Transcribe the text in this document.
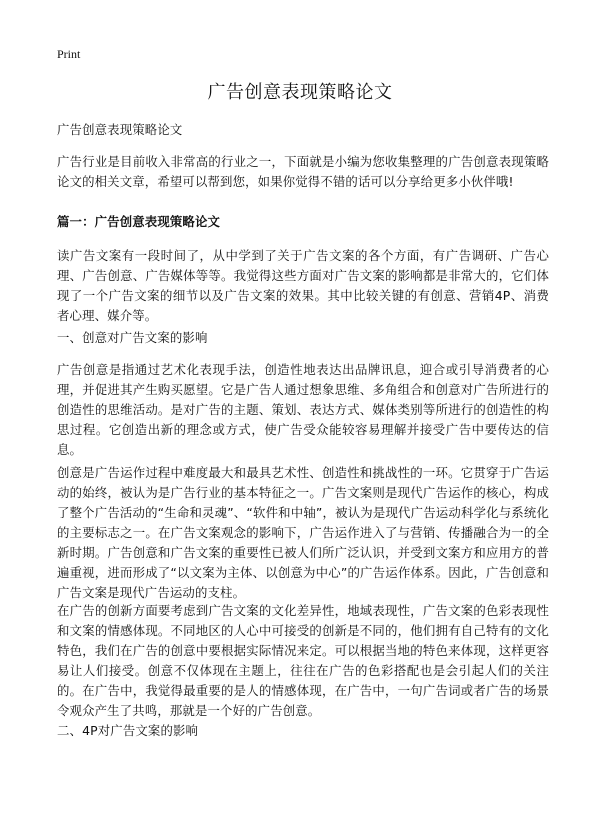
Print
广告创意表现策略论文

广告创意表现策略论文

广告行业是目前收入非常高的行业之一，下面就是小编为您收集整理的广告创意表现策略论文的相关文章，希望可以帮到您，如果你觉得不错的话可以分享给更多小伙伴哦!

篇一：广告创意表现策略论文

读广告文案有一段时间了，从中学到了关于广告文案的各个方面，有广告调研、广告心理、广告创意、广告媒体等等。我觉得这些方面对广告文案的影响都是非常大的，它们体现了一个广告文案的细节以及广告文案的效果。其中比较关键的有创意、营销4P、消费者心理、媒介等。

一、创意对广告文案的影响

广告创意是指通过艺术化表现手法，创造性地表达出品牌讯息，迎合或引导消费者的心理，并促进其产生购买愿望。它是广告人通过想象思维、多角组合和创意对广告所进行的创造性的思维活动。是对广告的主题、策划、表达方式、媒体类别等所进行的创造性的构思过程。它创造出新的理念或方式，使广告受众能较容易理解并接受广告中要传达的信息。

创意是广告运作过程中难度最大和最具艺术性、创造性和挑战性的一环。它贯穿于广告运动的始终，被认为是广告行业的基本特征之一。广告文案则是现代广告运作的核心，构成了整个广告活动的“生命和灵魂”、“软件和中轴”，被认为是现代广告运动科学化与系统化的主要标志之一。在广告文案观念的影响下，广告运作进入了与营销、传播融合为一的全新时期。广告创意和广告文案的重要性已被人们所广泛认识，并受到文案方和应用方的普遍重视，进而形成了“以文案为主体、以创意为中心”的广告运作体系。因此，广告创意和广告文案是现代广告运动的支柱。

在广告的创新方面要考虑到广告文案的文化差异性，地域表现性，广告文案的色彩表现性和文案的情感体现。不同地区的人心中可接受的创新是不同的，他们拥有自己特有的文化特色，我们在广告的创意中要根据实际情况来定。可以根据当地的特色来体现，这样更容易让人们接受。创意不仅体现在主题上，往往在广告的色彩搭配也是会引起人们的关注的。在广告中，我觉得最重要的是人的情感体现，在广告中，一句广告词或者广告的场景令观众产生了共鸣，那就是一个好的广告创意。

二、4P对广告文案的影响
